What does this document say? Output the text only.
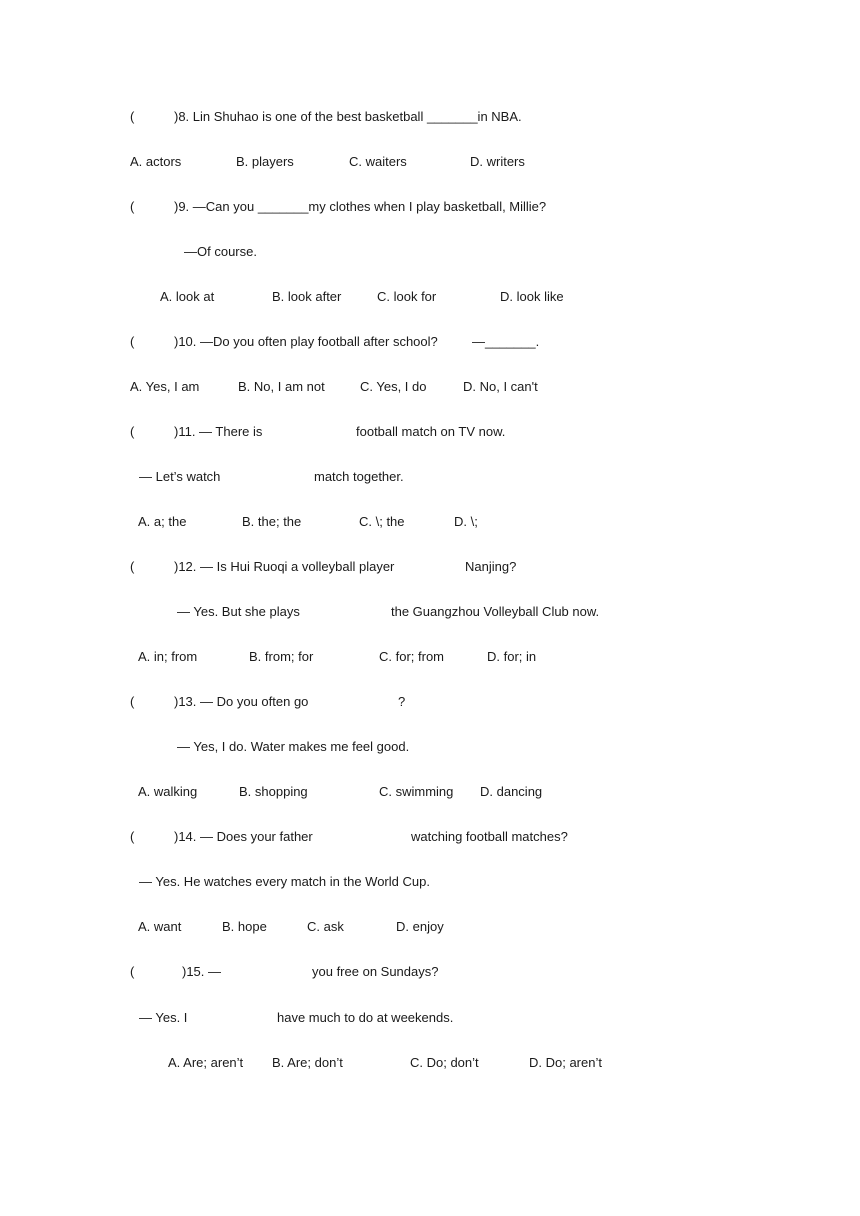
(	)8. Lin Shuhao is one of the best basketball _______in NBA.
A. actors	B. players	C. waiters	D. writers
(	)9. —Can you _______my clothes when I play basketball, Millie?
—Of course.
A. look at	B. look after	C. look for	D. look like
(	)10. —Do you often play football after school?	—_______.
A. Yes, I am	B. No, I am not	C. Yes, I do	D. No, I can't
(	)11. — There is	football match on TV now.
— Let’s watch	match together.
A. a; the	B. the; the	C. \; the	D. \;
(	)12. — Is Hui Ruoqi a volleyball player	Nanjing?
— Yes. But she plays	the Guangzhou Volleyball Club now.
A. in; from	B. from; for	C. for; from	D. for; in
(	)13. — Do you often go	?
— Yes, I do. Water makes me feel good.
A. walking	B. shopping	C. swimming D. dancing
(	)14. — Does your father	watching football matches?
— Yes. He watches every match in the World Cup.
A. want	B. hope	C. ask	D. enjoy
(	)15. —	you free on Sundays?
— Yes. I	have much to do at weekends.
A. Are; aren’t B. Are; don’t	C. Do; don’t	D. Do; aren’t
